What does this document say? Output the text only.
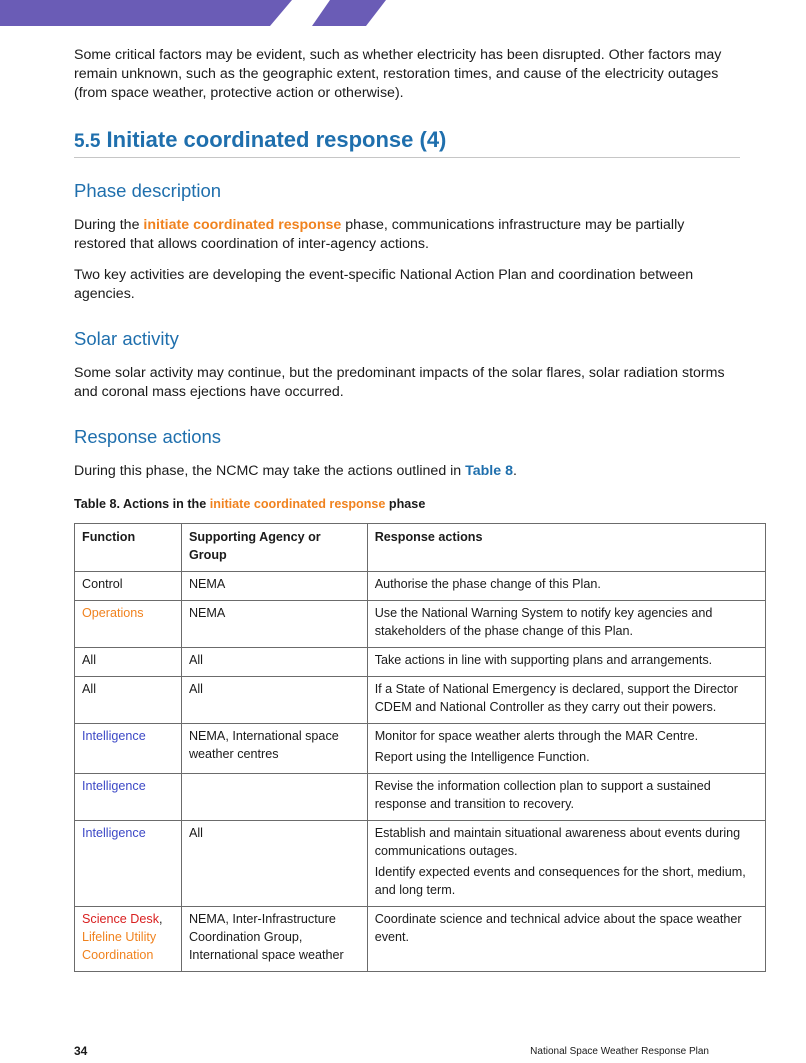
Some critical factors may be evident, such as whether electricity has been disrupted. Other factors may remain unknown, such as the geographic extent, restoration times, and cause of the electricity outages (from space weather, protective action or otherwise).

5.5 Initiate coordinated response (4)
Phase description

During the initiate coordinated response phase, communications infrastructure may be partially restored that allows coordination of inter-agency actions.

Two key activities are developing the event-specific National Action Plan and coordination between agencies.

Solar activity

Some solar activity may continue, but the predominant impacts of the solar flares, solar radiation storms and coronal mass ejections have occurred.

Response actions

During this phase, the NCMC may take the actions outlined in Table 8.

Table 8. Actions in the initiate coordinated response phase
Function	Supporting Agency or Group	Response actions
Control	NEMA	Authorise the phase change of this Plan.
Operations	NEMA	Use the National Warning System to notify key agencies and stakeholders of the phase change of this Plan.
All	All	Take actions in line with supporting plans and arrangements.
All	All	If a State of National Emergency is declared, support the Director CDEM and National Controller as they carry out their powers.
Intelligence	NEMA, International space weather centres	Monitor for space weather alerts through the MAR Centre.
Report using the Intelligence Function.

Intelligence		Revise the information collection plan to support a sustained response and transition to recovery.
Intelligence	All	Establish and maintain situational awareness about events during communications outages.
Identify expected events and consequences for the short, medium, and long term.

Science Desk,
Lifeline Utility Coordination	NEMA, Inter-Infrastructure Coordination Group, International space weather	Coordinate science and technical advice about the space weather event.
34	National Space Weather Response Plan
